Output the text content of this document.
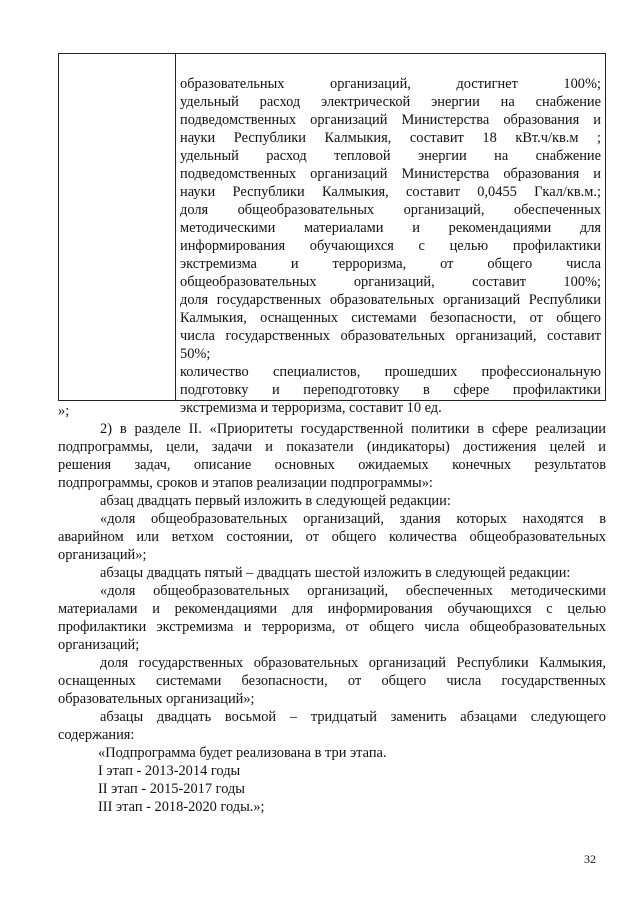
образовательных организаций, достигнет 100%;
удельный расход электрической энергии на снабжение
подведомственных организаций Министерства образования и
науки Республики Калмыкия, составит 18 кВт.ч/кв.м ;
удельный расход тепловой энергии на снабжение
подведомственных организаций Министерства образования и
науки Республики Калмыкия, составит 0,0455 Гкал/кв.м.;
доля общеобразовательных организаций, обеспеченных
методическими материалами и рекомендациями для
информирования обучающихся с целью профилактики
экстремизма и терроризма, от общего числа
общеобразовательных организаций, составит 100%;
доля государственных образовательных организаций Республики
Калмыкия, оснащенных системами безопасности, от общего
числа государственных образовательных организаций, составит
50%;
количество специалистов, прошедших профессиональную
подготовку и переподготовку в сфере профилактики
экстремизма и терроризма, составит 10 ед.
»;
2) в разделе II. «Приоритеты государственной политики в сфере реализации
подпрограммы, цели, задачи и показатели (индикаторы) достижения целей и
решения задач, описание основных ожидаемых конечных результатов
подпрограммы, сроков и этапов реализации подпрограммы»:
абзац двадцать первый изложить в следующей редакции:
«доля общеобразовательных организаций, здания которых находятся в
аварийном или ветхом состоянии, от общего количества общеобразовательных
организаций»;
абзацы двадцать пятый – двадцать шестой изложить в следующей редакции:
«доля общеобразовательных организаций, обеспеченных методическими
материалами и рекомендациями для информирования обучающихся с целью
профилактики экстремизма и терроризма, от общего числа общеобразовательных
организаций;
доля государственных образовательных организаций Республики Калмыкия,
оснащенных системами безопасности, от общего числа государственных
образовательных организаций»;
абзацы двадцать восьмой – тридцатый заменить абзацами следующего
содержания:
«Подпрограмма будет реализована в три этапа.
I этап - 2013-2014 годы
II этап - 2015-2017 годы
III этап - 2018-2020 годы.»;
32
